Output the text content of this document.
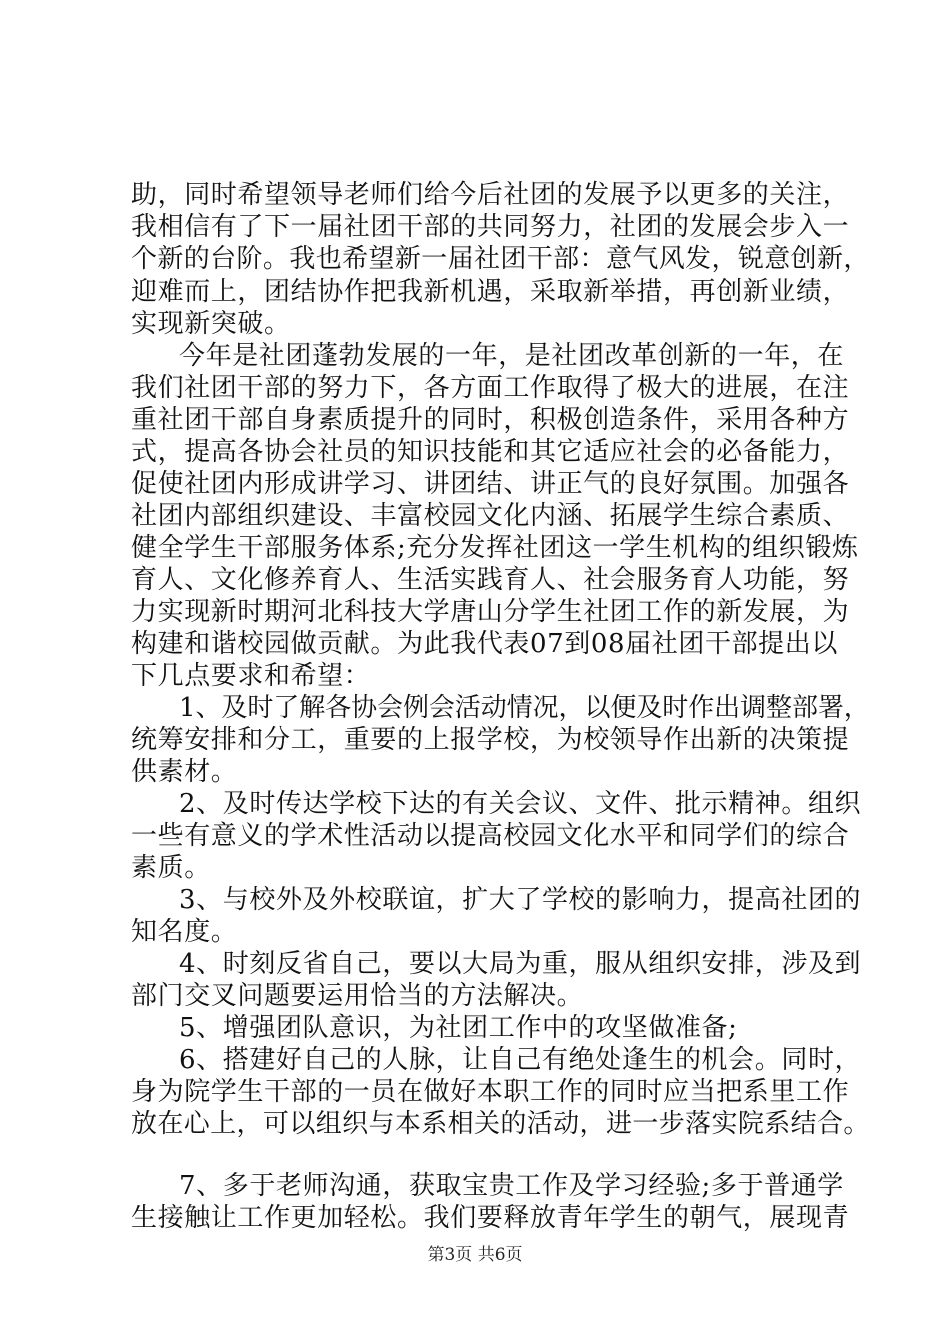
助，同时希望领导老师们给今后社团的发展予以更多的关注，
我相信有了下一届社团干部的共同努力，社团的发展会步入一
个新的台阶。我也希望新一届社团干部：意气风发，锐意创新，
迎难而上，团结协作把我新机遇，采取新举措，再创新业绩，
实现新突破。
今年是社团蓬勃发展的一年，是社团改革创新的一年，在
我们社团干部的努力下，各方面工作取得了极大的进展，在注
重社团干部自身素质提升的同时，积极创造条件，采用各种方
式，提高各协会社员的知识技能和其它适应社会的必备能力，
促使社团内形成讲学习、讲团结、讲正气的良好氛围。加强各
社团内部组织建设、丰富校园文化内涵、拓展学生综合素质、
健全学生干部服务体系;充分发挥社团这一学生机构的组织锻炼
育人、文化修养育人、生活实践育人、社会服务育人功能，努
力实现新时期河北科技大学唐山分学生社团工作的新发展，为
构建和谐校园做贡献。为此我代表07到08届社团干部提出以
下几点要求和希望：
1、及时了解各协会例会活动情况，以便及时作出调整部署，
统筹安排和分工，重要的上报学校，为校领导作出新的决策提
供素材。
2、及时传达学校下达的有关会议、文件、批示精神。组织
一些有意义的学术性活动以提高校园文化水平和同学们的综合
素质。
3、与校外及外校联谊，扩大了学校的影响力，提高社团的
知名度。
4、时刻反省自己，要以大局为重，服从组织安排，涉及到
部门交叉问题要运用恰当的方法解决。
5、增强团队意识，为社团工作中的攻坚做准备;
6、搭建好自己的人脉，让自己有绝处逢生的机会。同时，
身为院学生干部的一员在做好本职工作的同时应当把系里工作
放在心上，可以组织与本系相关的活动，进一步落实院系结合。
7、多于老师沟通，获取宝贵工作及学习经验;多于普通学
生接触让工作更加轻松。我们要释放青年学生的朝气，展现青
第3页 共6页
